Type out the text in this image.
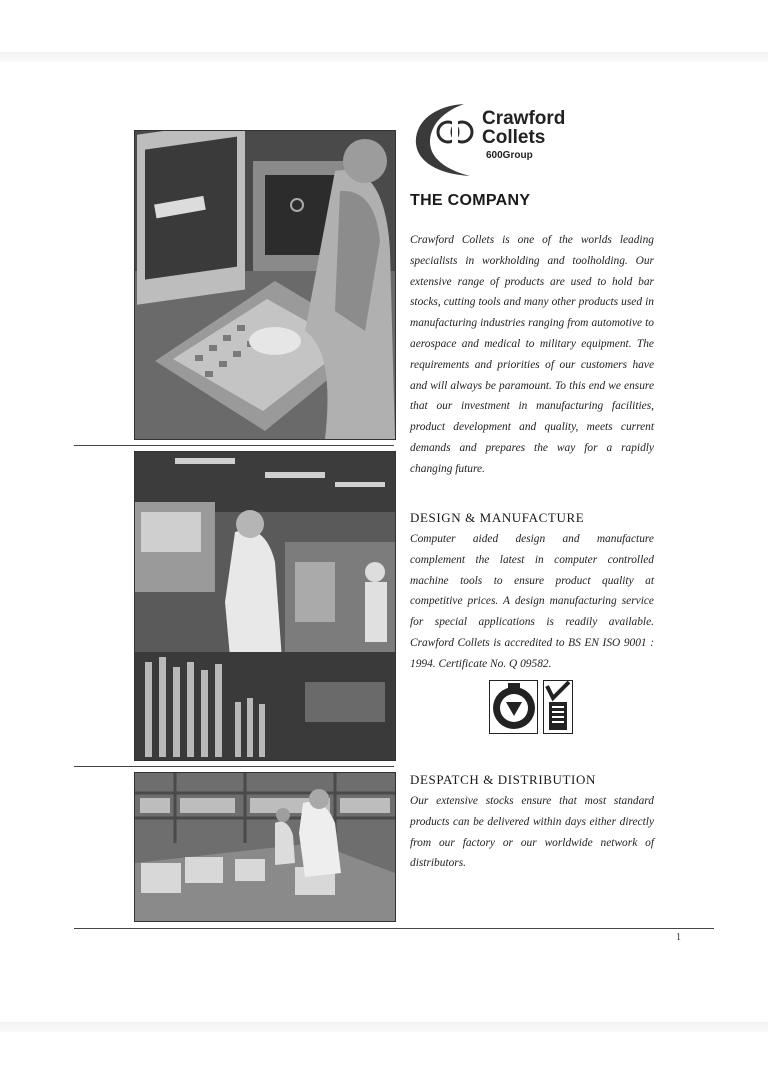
Crawford
Collets
600Group
THE COMPANY

Crawford Collets is one of the worlds leading specialists in workholding and toolholding. Our extensive range of products are used to hold bar stocks, cutting tools and many other products used in manufacturing industries ranging from automotive to aerospace and medical to military equipment. The requirements and priorities of our customers have and will always be paramount. To this end we ensure that our investment in manufacturing facilities, product development and quality, meets current demands and prepares the way for a rapidly changing future.

DESIGN & MANUFACTURE

Computer aided design and manufacture complement the latest in computer controlled machine tools to ensure product quality at competitive prices. A design manufacturing service for special applications is readily available. Crawford Collets is accredited to BS EN ISO 9001 : 1994. Certificate No. Q 09582.

DESPATCH & DISTRIBUTION

Our extensive stocks ensure that most standard products can be delivered within days either directly from our factory or our worldwide network of distributors.

1
